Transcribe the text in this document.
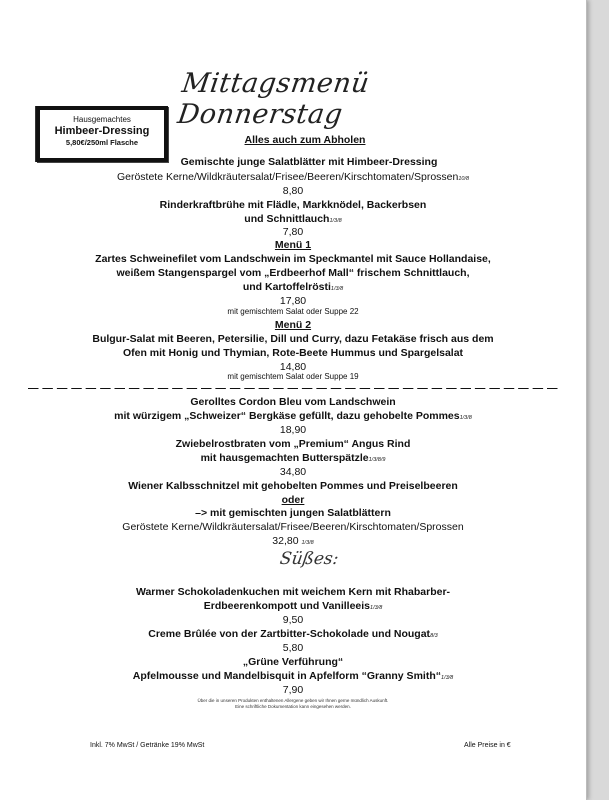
Mittagsmenü Donnerstag
Hausgemachtes
Himbeer-Dressing
5,80€/250ml Flasche	Alles auch zum Abholen
Gemischte junge Salatblätter mit Himbeer-Dressing
Geröstete Kerne/Wildkräutersalat/Frisee/Beeren/Kirschtomaten/Sprossen10/8
8,80
Rinderkraftbrühe mit Flädle, Markknödel, Backerbsen
und Schnittlauch1/3/8
7,80
Menü 1
Zartes Schweinefilet vom Landschwein im Speckmantel mit Sauce Hollandaise,
weißem Stangenspargel vom „Erdbeerhof Mall“ frischem Schnittlauch,
und Kartoffelrösti1/3/8
17,80
mit gemischtem Salat oder Suppe 22
Menü 2
Bulgur-Salat mit Beeren, Petersilie, Dill und Curry, dazu Fetakäse frisch aus dem
Ofen mit Honig und Thymian, Rote-Beete Hummus und Spargelsalat
14,80
mit gemischtem Salat oder Suppe 19
— — — — — — — — — — — — — — — — — — — — — — — — — — — — — — — — — — — — —
Gerolltes Cordon Bleu vom Landschwein
mit würzigem „Schweizer“ Bergkäse gefüllt, dazu gehobelte Pommes1/3/8
18,90
Zwiebelrostbraten vom „Premium“ Angus Rind
mit hausgemachten Butterspätzle1/3/8/9
34,80
Wiener Kalbsschnitzel mit gehobelten Pommes und Preiselbeeren
oder
–> mit gemischten jungen Salatblättern
Geröstete Kerne/Wildkräutersalat/Frisee/Beeren/Kirschtomaten/Sprossen
32,80 1/3/8
Süßes:
Warmer Schokoladenkuchen mit weichem Kern mit Rhabarber-
Erdbeerenkompott und Vanilleeis1/3/8
9,50
Creme Brûlée von der Zartbitter-Schokolade und Nougat8/3
5,80
„Grüne Verführung“
Apfelmousse und Mandelbisquit in Apfelform “Granny Smith“1/3/8
7,90
Über die in unseren Produkten enthaltenen Allergene geben wir Ihnen gerne mündlich Auskunft.
Eine schriftliche Dokumentation kann eingesehen werden.
Inkl. 7% MwSt / Getränke 19% MwSt	Alle Preise in €
